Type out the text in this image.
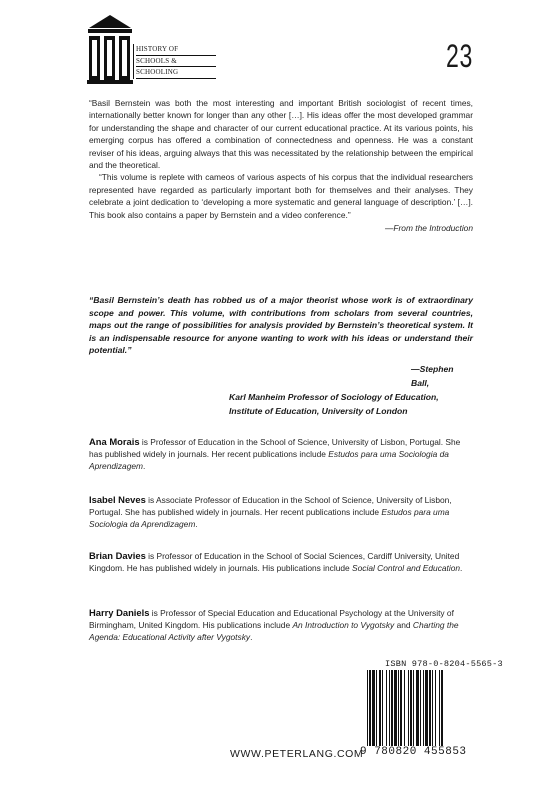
HISTORY OF
SCHOOLS &
SCHOOLING	23

“Basil Bernstein was both the most interesting and important British sociologist of recent times, internationally better known for longer than any other […]. His ideas offer the most developed grammar for understanding the shape and character of our current educational practice. At its various points, his emerging corpus has offered a combination of connectedness and openness. He was a constant reviser of his ideas, arguing always that this was necessitated by the relationship between the empirical and the theoretical.

“This volume is replete with cameos of various aspects of his corpus that the individual researchers represented have regarded as particularly important both for themselves and their analyses. They celebrate a joint dedication to ‘developing a more systematic and general language of description.’ […]. This book also contains a paper by Bernstein and a video conference.”

—From the Introduction

“Basil Bernstein’s death has robbed us of a major theorist whose work is of extraordinary scope and power. This volume, with contributions from scholars from several countries, maps out the range of possibilities for analysis provided by Bernstein’s theoretical system. It is an indispensable resource for anyone wanting to work with his ideas or understand their potential.”

—Stephen Ball,
Karl Manheim Professor of Sociology of Education,
Institute of Education, University of London
Ana Morais is Professor of Education in the School of Science, University of Lisbon, Portugal. She has published widely in journals. Her recent publications include Estudos para uma Sociologia da Aprendizagem.
Isabel Neves is Associate Professor of Education in the School of Science, University of Lisbon, Portugal. She has published widely in journals. Her recent publications include Estudos para uma Sociologia da Aprendizagem.
Brian Davies is Professor of Education in the School of Social Sciences, Cardiff University, United Kingdom. He has published widely in journals. His publications include Social Control and Education.
Harry Daniels is Professor of Special Education and Educational Psychology at the University of Birmingham, United Kingdom. His publications include An Introduction to Vygotsky and Charting the Agenda: Educational Activity after Vygotsky.
ISBN 978-0-8204-5565-3
9 780820 455853
WWW.PETERLANG.COM
